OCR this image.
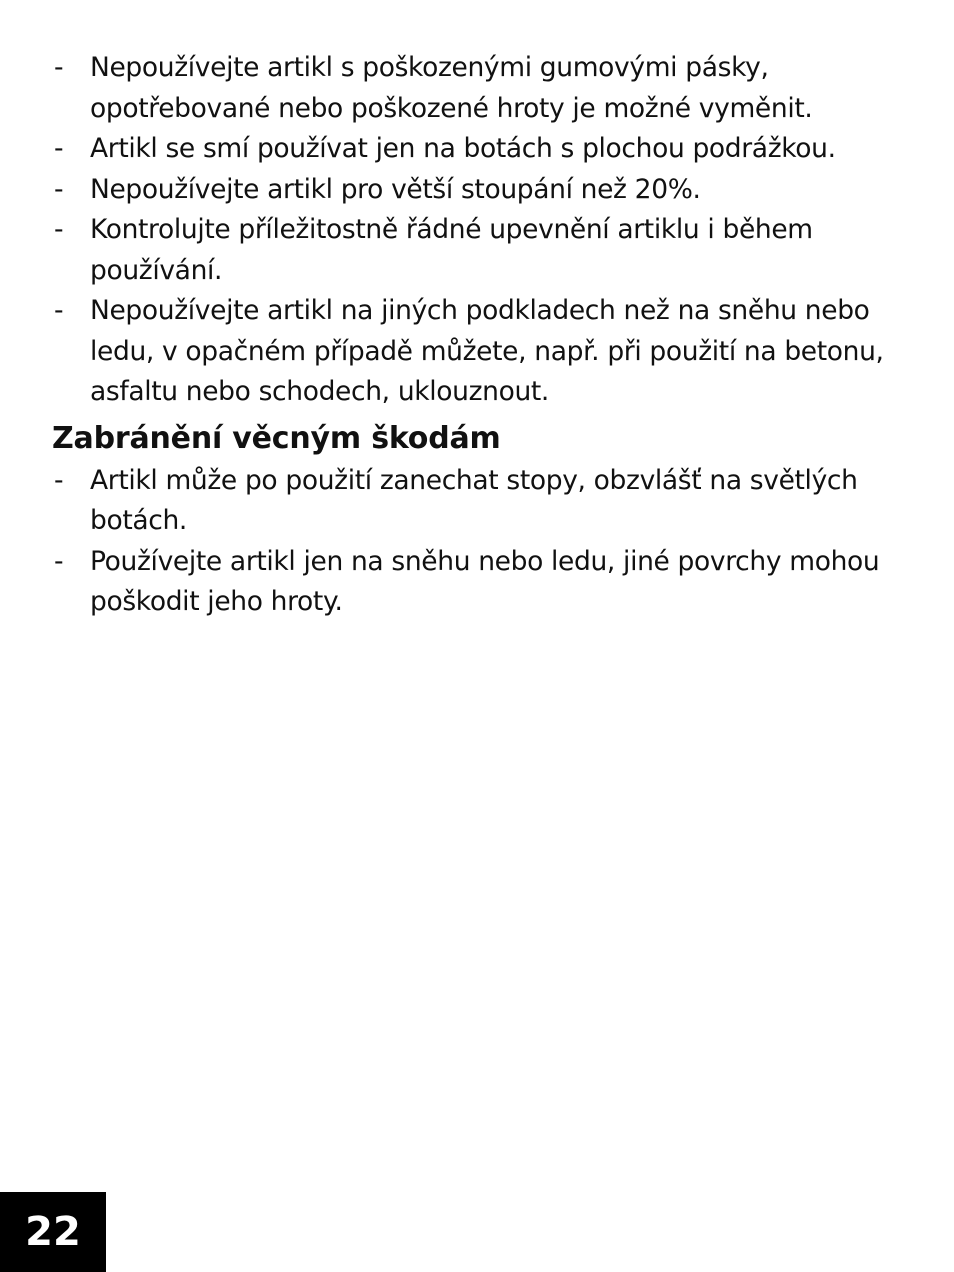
-	Nepoužívejte artikl s poškozenými gumovými pásky, opotřebované nebo poškozené hroty je možné vyměnit.
-	Artikl se smí používat jen na botách s plochou podrážkou.
-	Nepoužívejte artikl pro větší stoupání než 20%.
-	Kontrolujte příležitostně řádné upevnění artiklu i během používání.
-	Nepoužívejte artikl na jiných podkladech než na sněhu nebo ledu, v opačném případě můžete, např. při použití na betonu, asfaltu nebo schodech, uklouznout.
Zabránění věcným škodám
-	Artikl může po použití zanechat stopy, obzvlášť na světlých botách.
-	Používejte artikl jen na sněhu nebo ledu, jiné povrchy mohou poškodit jeho hroty.
22
